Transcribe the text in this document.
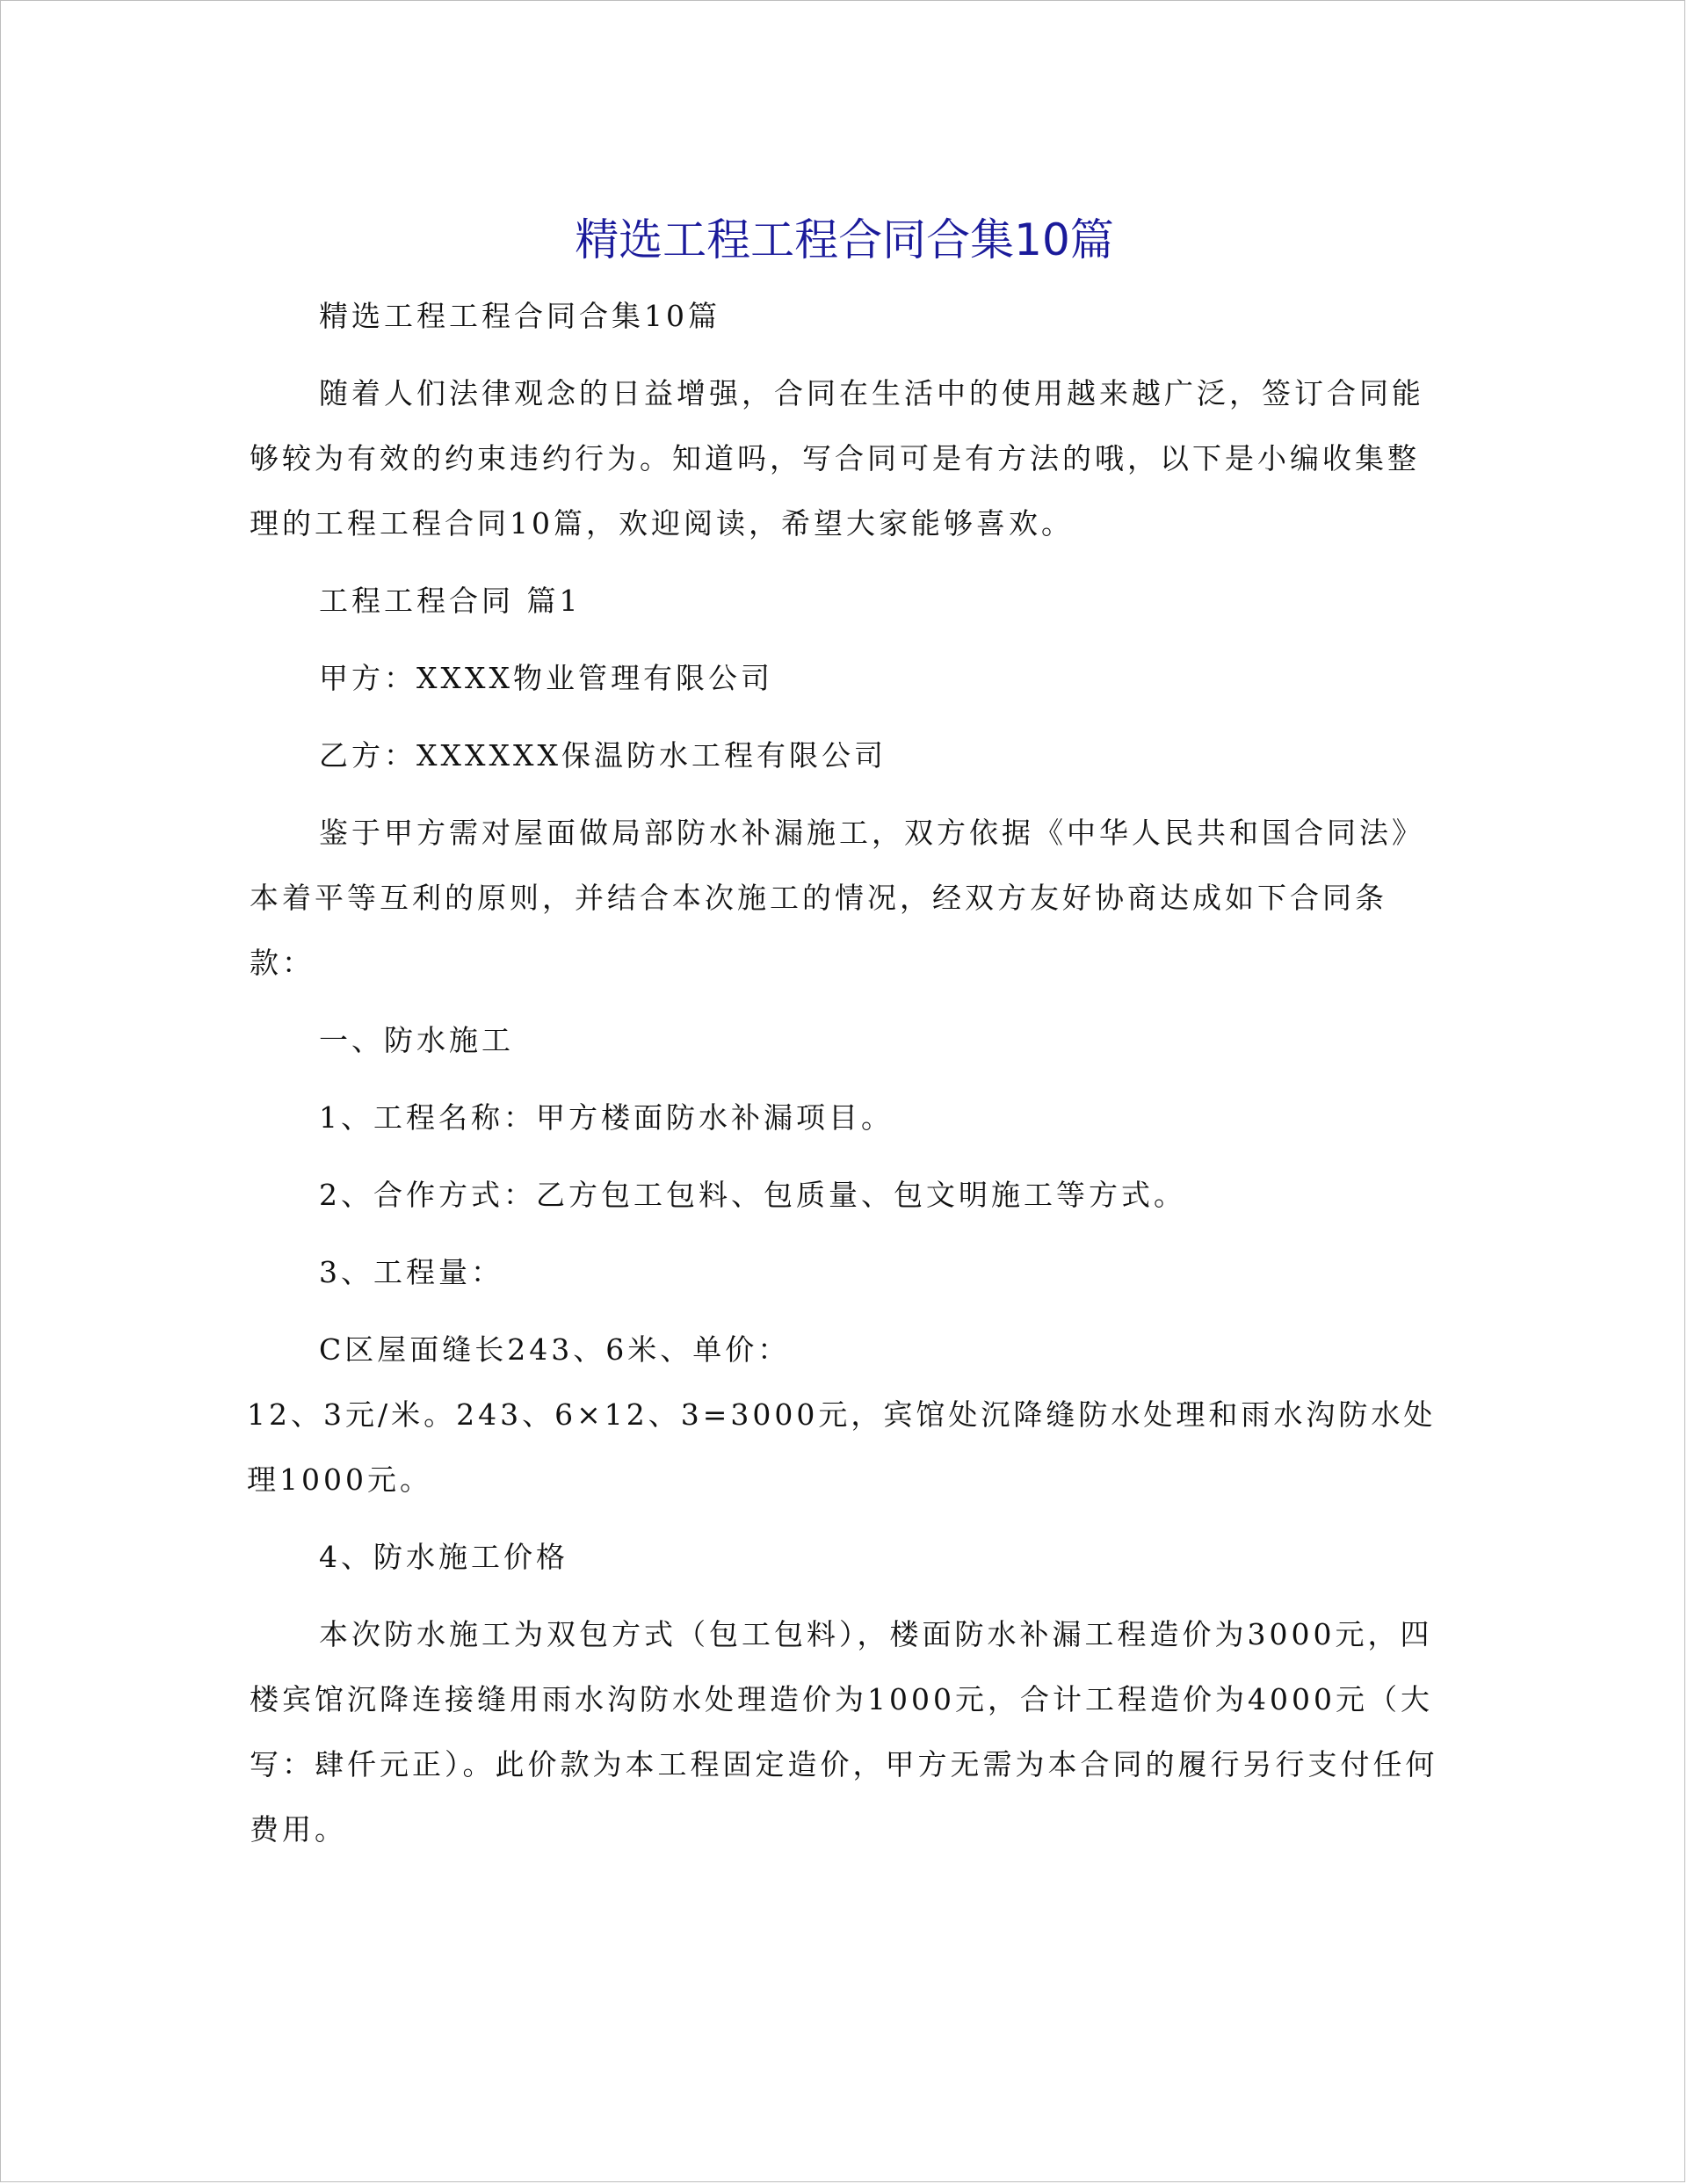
精选工程工程合同合集10篇

精选工程工程合同合集10篇

随着人们法律观念的日益增强，合同在生活中的使用越来越广泛，签订合同能够较为有效的约束违约行为。知道吗，写合同可是有方法的哦，以下是小编收集整理的工程工程合同10篇，欢迎阅读，希望大家能够喜欢。

工程工程合同 篇1

甲方：XXXX物业管理有限公司

乙方：XXXXXX保温防水工程有限公司

鉴于甲方需对屋面做局部防水补漏施工，双方依据《中华人民共和国合同法》本着平等互利的原则，并结合本次施工的情况，经双方友好协商达成如下合同条款：

一、防水施工

1、工程名称：甲方楼面防水补漏项目。

2、合作方式：乙方包工包料、包质量、包文明施工等方式。

3、工程量：

C区屋面缝长243、6米、单价：

12、3元/米。243、6×12、3=3000元，宾馆处沉降缝防水处理和雨水沟防水处理1000元。

4、防水施工价格

本次防水施工为双包方式（包工包料），楼面防水补漏工程造价为3000元，四楼宾馆沉降连接缝用雨水沟防水处理造价为1000元，合计工程造价为4000元（大写：肆仟元正）。此价款为本工程固定造价，甲方无需为本合同的履行另行支付任何费用。
